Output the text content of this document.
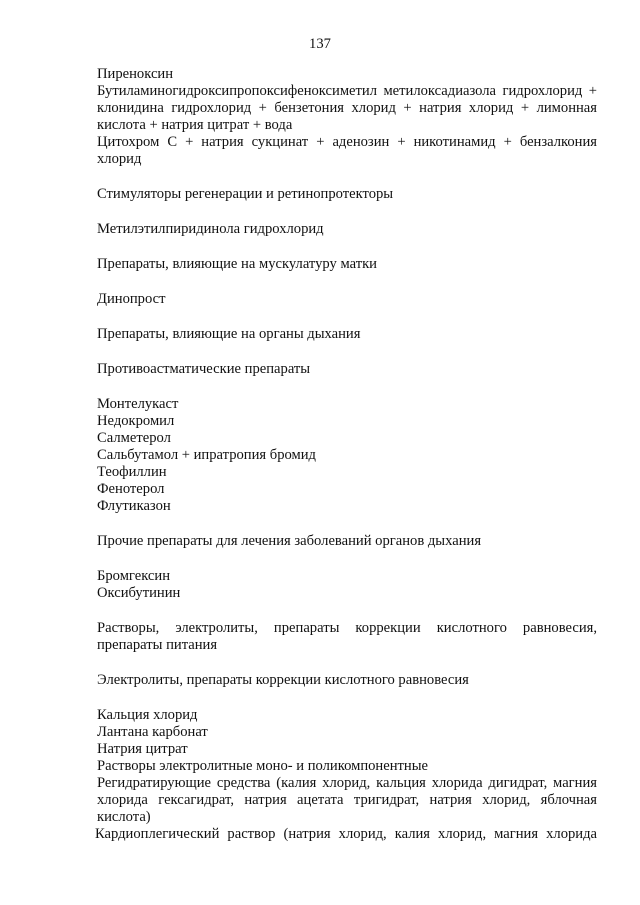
137

Пиреноксин

Бутиламиногидроксипропоксифеноксиметил метилоксадиазола гидрохлорид + клонидина гидрохлорид + бензетония хлорид + натрия хлорид + лимонная кислота + натрия цитрат + вода

Цитохром С + натрия сукцинат + аденозин + никотинамид + бензалкония хлорид

Стимуляторы регенерации и ретинопротекторы

Метилэтилпиридинола гидрохлорид

Препараты, влияющие на мускулатуру матки

Динопрост

Препараты, влияющие на органы дыхания

Противоастматические препараты

Монтелукаст

Недокромил

Салметерол

Сальбутамол + ипратропия бромид

Теофиллин

Фенотерол

Флутиказон

Прочие препараты для лечения заболеваний органов дыхания

Бромгексин

Оксибутинин

Растворы, электролиты, препараты коррекции кислотного равновесия, препараты питания

Электролиты, препараты коррекции кислотного равновесия

Кальция хлорид

Лантана карбонат

Натрия цитрат

Растворы электролитные моно- и поликомпонентные

Регидратирующие средства (калия хлорид, кальция хлорида дигидрат, магния хлорида гексагидрат, натрия ацетата тригидрат, натрия хлорид, яблочная кислота)

Кардиоплегический раствор (натрия хлорид, калия хлорид, магния хлорида
